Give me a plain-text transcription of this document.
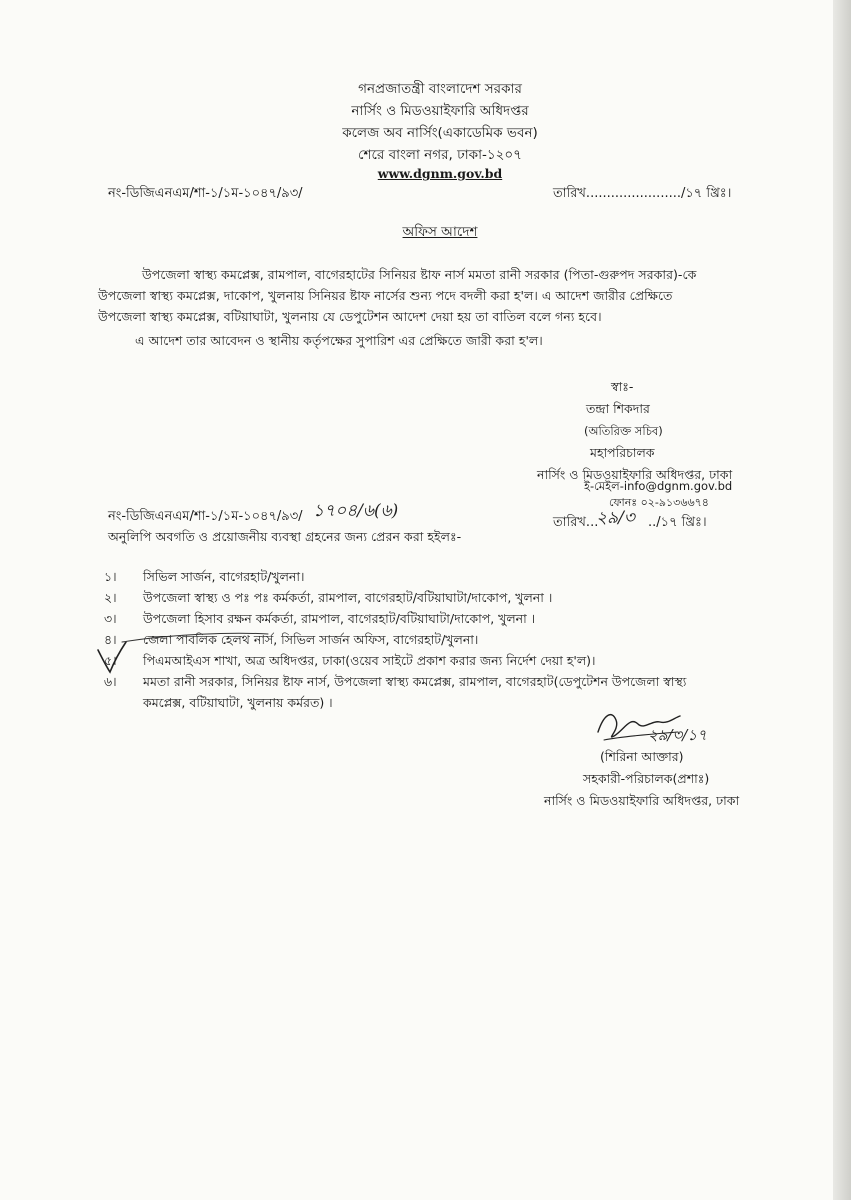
গনপ্রজাতন্ত্রী বাংলাদেশ সরকার
নার্সিং ও মিডওয়াইফারি অধিদপ্তর
কলেজ অব নার্সিং(একাডেমিক ভবন)
শেরে বাংলা নগর, ঢাকা-১২০৭
www.dgnm.gov.bd
নং-ডিজিএনএম/শা-১/১ম-১০৪৭/৯৩/	তারিখ......................./১৭ খ্রিঃ।
অফিস আদেশ
উপজেলা স্বাস্থ্য কমপ্লেক্স, রামপাল, বাগেরহাটের সিনিয়র ষ্টাফ নার্স মমতা রানী সরকার (পিতা-গুরুপদ সরকার)-কে
উপজেলা স্বাস্থ্য কমপ্লেক্স, দাকোপ, খুলনায় সিনিয়র ষ্টাফ নার্সের শুন্য পদে বদলী করা হ'ল। এ আদেশ জারীর প্রেক্ষিতে
উপজেলা স্বাস্থ্য কমপ্লেক্স, বটিয়াঘাটা, খুলনায় যে ডেপুটেশন আদেশ দেয়া হয় তা বাতিল বলে গন্য হবে।
এ আদেশ তার আবেদন ও স্থানীয় কর্তৃপক্ষের সুপারিশ এর প্রেক্ষিতে জারী করা হ'ল।
স্বাঃ-
তন্দ্রা শিকদার
(অতিরিক্ত সচিব)
মহাপরিচালক
নার্সিং ও মিডওয়াইফারি অধিদপ্তর, ঢাকা
ই-মেইল-info@dgnm.gov.bd
ফোনঃ ০২-৯১৩৬৬৭৪
নং-ডিজিএনএম/শা-১/১ম-১০৪৭/৯৩/ ১৭০৪/৬(৬)
তারিখ...
২৯/৩ ../১৭ খ্রিঃ।
অনুলিপি অবগতি ও প্রয়োজনীয় ব্যবস্থা গ্রহনের জন্য প্রেরন করা হইলঃ-
১। সিভিল সার্জন, বাগেরহাট/খুলনা।
২। উপজেলা স্বাস্থ্য ও পঃ পঃ কর্মকর্তা, রামপাল, বাগেরহাট/বটিয়াঘাটা/দাকোপ, খুলনা ।
৩। উপজেলা হিসাব রক্ষন কর্মকর্তা, রামপাল, বাগেরহাট/বটিয়াঘাটা/দাকোপ, খুলনা ।
৪। জেলা পাবলিক হেলথ নার্স, সিভিল সার্জন অফিস, বাগেরহাট/খুলনা।
৫। পিএমআইএস শাখা, অত্র অধিদপ্তর, ঢাকা(ওয়েব সাইটে প্রকাশ করার জন্য নির্দেশ দেয়া হ'ল)।
৬। মমতা রানী সরকার, সিনিয়র ষ্টাফ নার্স, উপজেলা স্বাস্থ্য কমপ্লেক্স, রামপাল, বাগেরহাট(ডেপুটেশন উপজেলা স্বাস্থ্য
কমপ্লেক্স, বটিয়াঘাটা, খুলনায় কর্মরত) ।
২৯/৩/১৭
(শিরিনা আক্তার)
সহকারী-পরিচালক(প্রশাঃ)
নার্সিং ও মিডওয়াইফারি অধিদপ্তর, ঢাকা
